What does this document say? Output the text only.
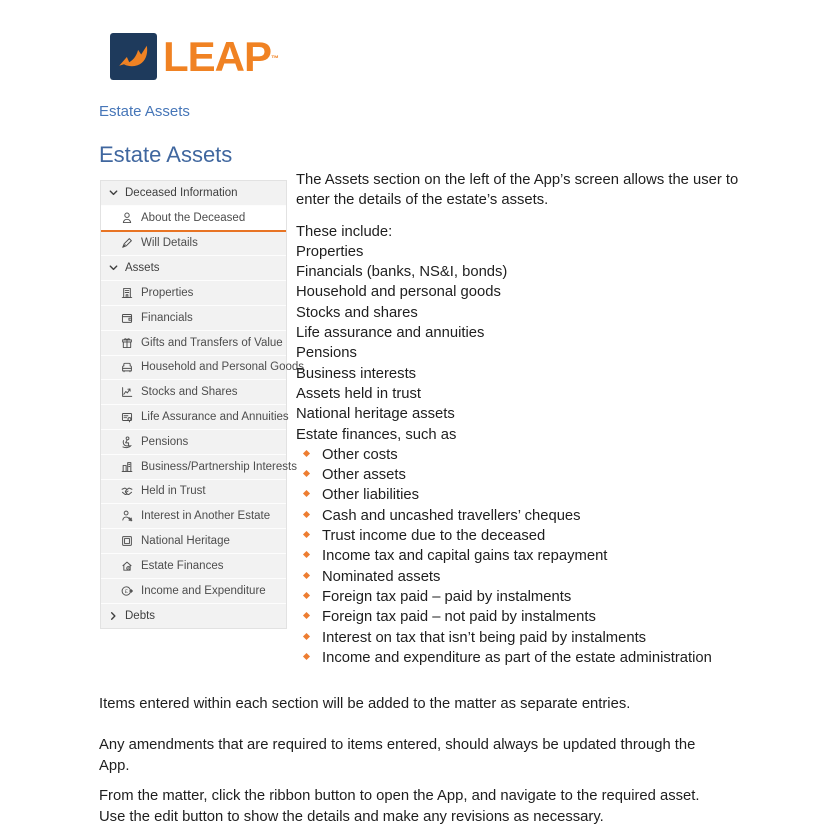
LEAP™
Estate Assets
Estate Assets
Deceased Information
About the Deceased
Will Details
Assets
Properties
Financials
Gifts and Transfers of Value
Household and Personal Goods
Stocks and Shares
Life Assurance and Annuities
Pensions
Business/Partnership Interests
Held in Trust
Interest in Another Estate
National Heritage
£ Estate Finances
£ Income and Expenditure
Debts

The Assets section on the left of the App’s screen allows the user to enter the details of the estate’s assets.

These include:

Properties
Financials (banks, NS&I, bonds)
Household and personal goods
Stocks and shares
Life assurance and annuities
Pensions
Business interests
Assets held in trust
National heritage assets
Estate finances, such as
Other costs
Other assets
Other liabilities
Cash and uncashed travellers’ cheques
Trust income due to the deceased
Income tax and capital gains tax repayment
Nominated assets
Foreign tax paid – paid by instalments
Foreign tax paid – not paid by instalments
Interest on tax that isn’t being paid by instalments
Income and expenditure as part of the estate administration

Items entered within each section will be added to the matter as separate entries.

Any amendments that are required to items entered, should always be updated through the App.

From the matter, click the ribbon button to open the App, and navigate to the required asset. Use the edit button to show the details and make any revisions as necessary.
